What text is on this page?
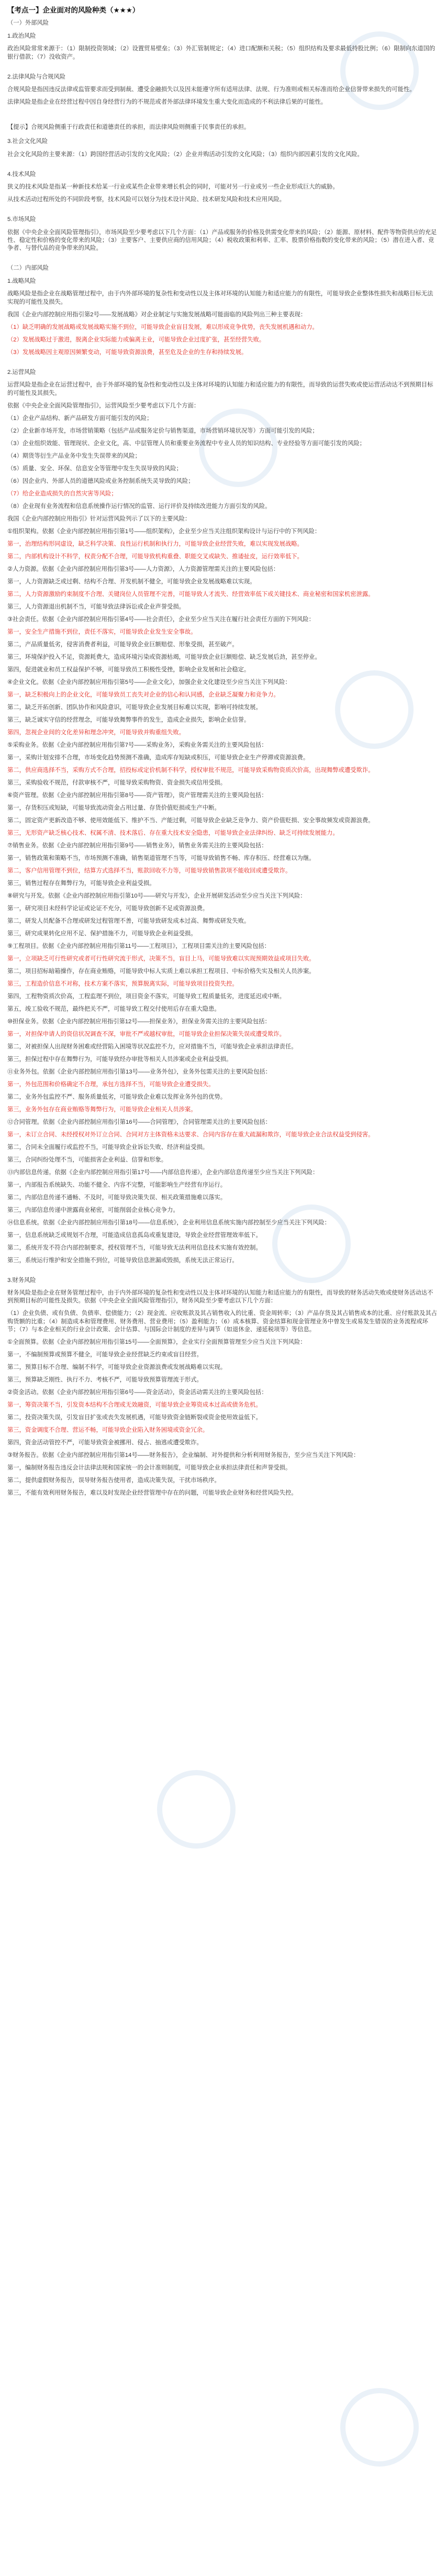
【考点一】企业面对的风险种类（★★★）
（一）外部风险
1.政治风险
政治风险常常来源于：（1）限制投资领域；（2）设置贸易壁垒；（3）外汇管制规定；（4）进口配额和关税；（5）组织结构及要求最低持股比例；（6）限制向东道国的银行借款；（7）没收资产。
2.法律风险与合规风险
合规风险是指因违反法律或监管要求而受到制裁、遭受金融损失以及因未能遵守所有适用法律、法规、行为准则或相关标准而给企业信誉带来损失的可能性。
法律风险是指企业在经营过程中因自身经营行为的不规范或者外部法律环境发生重大变化而造成的不利法律后果的可能性。
【提示】合规风险侧重于行政责任和道德责任的承担，而法律风险则侧重于民事责任的承担。
3.社会文化风险
社会文化风险的主要来源：（1）跨国经营活动引发的文化风险；（2）企业并购活动引发的文化风险；（3）组织内部因素引发的文化风险。
4.技术风险
狭义的技术风险是指某一种新技术给某一行业或某些企业带来增长机会的同时，可能对另一行业或另一些企业形成巨大的威胁。
从技术活动过程所处的不同阶段考察，技术风险可以划分为技术设计风险、技术研发风险和技术应用风险。
5.市场风险
依据《中央企业全面风险管理指引》，市场风险至少要考虑以下几个方面：（1）产品或服务的价格及供需变化带来的风险；（2）能源、原材料、配件等物资供应的充足性、稳定性和价格的变化带来的风险；（3）主要客户、主要供应商的信用风险；（4）税收政策和利率、汇率、股票价格指数的变化带来的风险；（5）潜在进入者、竞争者、与替代品的竞争带来的风险。
（二）内部风险
1.战略风险
战略风险是指企业在战略管理过程中，由于内外部环境的复杂性和变动性以及主体对环境的认知能力和适应能力的有限性，可能导致企业整体性损失和战略目标无法实现的可能性及损失。
我国《企业内部控制应用指引第2号——发展战略》对企业制定与实施发展战略可能面临的风险列出三种主要表现：
（1）缺乏明确的发展战略或发展战略实施不到位，可能导致企业盲目发展，难以形成竞争优势，丧失发展机遇和动力。
（2）发展战略过于激进，脱离企业实际能力或偏离主业，可能导致企业过度扩张，甚至经营失败。
（3）发展战略因主观原因频繁变动，可能导致资源浪费，甚至危及企业的生存和持续发展。
2.运营风险
运营风险是指企业在运营过程中，由于外部环境的复杂性和变动性以及主体对环境的认知能力和适应能力的有限性，而导致的运营失败或使运营活动达不到预期目标的可能性及其损失。
依据《中央企业全面风险管理指引》，运营风险至少要考虑以下几个方面：
（1）企业产品结构、新产品研发方面可能引发的风险；
（2）企业新市场开发，市场营销策略（包括产品或服务定价与销售渠道，市场营销环境状况等）方面可能引发的风险；
（3）企业组织效能、管理现状、企业文化，高、中层管理人员和重要业务流程中专业人员的知识结构、专业经验等方面可能引发的风险；
（4）期货等衍生产品业务中发生失误带来的风险；
（5）质量、安全、环保、信息安全等管理中发生失误导致的风险；
（6）因企业内、外部人员的道德风险或业务控制系统失灵导致的风险；
（7）给企业造成损失的自然灾害等风险；
（8）企业现有业务流程和信息系统操作运行情况的监管、运行评价及持续改进能力方面引发的风险。
我国《企业内部控制应用指引》针对运营风险列示了以下的主要风险：
①组织架构。依据《企业内部控制应用指引第1号——组织架构》，企业至少应当关注组织架构设计与运行中的下列风险：
第一，治理结构形同虚设，缺乏科学决策、良性运行机制和执行力，可能导致企业经营失败，难以实现发展战略。
第二，内部机构设计不科学，权责分配不合理，可能导致机构重叠、职能交叉或缺失、推诿扯皮，运行效率低下。
②人力资源。依据《企业内部控制应用指引第3号——人力资源》，人力资源管理需关注的主要风险包括：
第一，人力资源缺乏或过剩、结构不合理、开发机制不健全，可能导致企业发展战略难以实现。
第二，人力资源激励约束制度不合理、关键岗位人员管理不完善，可能导致人才流失、经营效率低下或关键技术、商业秘密和国家机密泄露。
第三，人力资源退出机制不当，可能导致法律诉讼或企业声誉受损。
③社会责任。依据《企业内部控制应用指引第4号——社会责任》，企业至少应当关注在履行社会责任方面的下列风险：
第一，安全生产措施不到位，责任不落实，可能导致企业发生安全事故。
第二，产品质量低劣，侵害消费者利益，可能导致企业巨额赔偿、形象受损，甚至破产。
第三，环境保护投入不足，资源耗费大，造成环境污染或资源枯竭，可能导致企业巨额赔偿、缺乏发展后劲，甚至停业。
第四，促进就业和员工权益保护不够，可能导致员工积极性受挫，影响企业发展和社会稳定。
④企业文化。依据《企业内部控制应用指引第5号——企业文化》，加强企业文化建设至少应当关注下列风险：
第一，缺乏积极向上的企业文化，可能导致员工丧失对企业的信心和认同感，企业缺乏凝聚力和竞争力。
第二，缺乏开拓创新、团队协作和风险意识，可能导致企业发展目标难以实现，影响可持续发展。
第三，缺乏诚实守信的经营理念，可能导致舞弊事件的发生，造成企业损失，影响企业信誉。
第四，忽视企业间的文化差异和理念冲突，可能导致并购重组失败。
⑤采购业务。依据《企业内部控制应用指引第7号——采购业务》，采购业务需关注的主要风险包括：
第一，采购计划安排不合理，市场变化趋势预测不准确，造成库存短缺或积压，可能导致企业生产停滞或资源浪费。
第二，供应商选择不当，采购方式不合理，招投标或定价机制不科学，授权审批不规范，可能导致采购物资质次价高，出现舞弊或遭受欺诈。
第三，采购验收不规范，付款审核不严，可能导致采购物资、资金损失或信用受损。
⑥资产管理。依据《企业内部控制应用指引第8号——资产管理》，资产管理需关注的主要风险包括：
第一，存货积压或短缺，可能导致流动资金占用过量、存货价值贬损或生产中断。
第二，固定资产更新改造不够、使用效能低下、维护不当、产能过剩，可能导致企业缺乏竞争力、资产价值贬损、安全事故频发或资源浪费。
第三，无形资产缺乏核心技术、权属不清、技术落后、存在重大技术安全隐患，可能导致企业法律纠纷、缺乏可持续发展能力。
⑦销售业务。依据《企业内部控制应用指引第9号——销售业务》，销售业务需关注的主要风险包括：
第一，销售政策和策略不当，市场预测不准确，销售渠道管理不当等，可能导致销售不畅、库存积压、经营难以为继。
第二，客户信用管理不到位，结算方式选择不当，账款回收不力等，可能导致销售款项不能收回或遭受欺诈。
第三，销售过程存在舞弊行为，可能导致企业利益受损。
⑧研究与开发。依据《企业内部控制应用指引第10号——研究与开发》，企业开展研发活动至少应当关注下列风险：
第一，研究项目未经科学论证或论证不充分，可能导致创新不足或资源浪费。
第二，研发人员配备不合理或研发过程管理不善，可能导致研发成本过高、舞弊或研发失败。
第三，研究成果转化应用不足、保护措施不力，可能导致企业利益受损。
⑨工程项目。依据《企业内部控制应用指引第11号——工程项目》，工程项目需关注的主要风险包括：
第一，立项缺乏可行性研究或者可行性研究流于形式，决策不当，盲目上马，可能导致难以实现预期效益或项目失败。
第二，项目招标暗箱操作，存在商业贿赂，可能导致中标人实质上难以承担工程项目、中标价格失实及相关人员涉案。
第三，工程造价信息不对称，技术方案不落实，预算脱离实际，可能导致项目投资失控。
第四，工程物资质次价高，工程监理不到位，项目资金不落实，可能导致工程质量低劣，进度延迟或中断。
第五，竣工验收不规范，最终把关不严，可能导致工程交付使用后存在重大隐患。
⑩担保业务。依据《企业内部控制应用指引第12号——担保业务》，担保业务需关注的主要风险包括：
第一，对担保申请人的资信状况调查不深，审批不严或越权审批，可能导致企业担保决策失误或遭受欺诈。
第二，对被担保人出现财务困难或经营陷入困境等状况监控不力，应对措施不当，可能导致企业承担法律责任。
第三，担保过程中存在舞弊行为，可能导致经办审批等相关人员涉案或企业利益受损。
⑪业务外包。依据《企业内部控制应用指引第13号——业务外包》，业务外包需关注的主要风险包括：
第一，外包范围和价格确定不合理，承包方选择不当，可能导致企业遭受损失。
第二，业务外包监控不严、服务质量低劣，可能导致企业难以发挥业务外包的优势。
第三，业务外包存在商业贿赂等舞弊行为，可能导致企业相关人员涉案。
⑫合同管理。依据《企业内部控制应用指引第16号——合同管理》，合同管理需关注的主要风险包括：
第一，未订立合同、未经授权对外订立合同、合同对方主体资格未达要求、合同内容存在重大疏漏和欺诈，可能导致企业合法权益受到侵害。
第二，合同未全面履行或监控不当，可能导致企业诉讼失败、经济利益受损。
第三，合同纠纷处理不当，可能损害企业利益、信誉和形象。
⑬内部信息传递。依据《企业内部控制应用指引第17号——内部信息传递》，企业内部信息传递至少应当关注下列风险：
第一，内部报告系统缺失、功能不健全、内容不完整，可能影响生产经营有序运行。
第二，内部信息传递不通畅、不及时，可能导致决策失误、相关政策措施难以落实。
第三，内部信息传递中泄露商业秘密，可能削弱企业核心竞争力。
⑭信息系统。依据《企业内部控制应用指引第18号——信息系统》，企业利用信息系统实施内部控制至少应当关注下列风险：
第一，信息系统缺乏或规划不合理，可能造成信息孤岛或重复建设，导致企业经营管理效率低下。
第二，系统开发不符合内部控制要求，授权管理不当，可能导致无法利用信息技术实施有效控制。
第三，系统运行维护和安全措施不到位，可能导致信息泄漏或毁损，系统无法正常运行。
3.财务风险
财务风险是指企业在财务管理过程中，由于内外部环境的复杂性和变动性以及主体对环境的认知能力和适应能力的有限性，而导致的财务活动失败或使财务活动达不到预期目标的可能性及损失。依据《中央企业全面风险管理指引》，财务风险至少要考虑以下几个方面：
（1）企业负债、或有负债、负债率、偿债能力；（2）现金流、应收账款及其占销售收入的比重、资金周转率；（3）产品存货及其占销售成本的比重、应付账款及其占购货额的比重；（4）制造成本和管理费用、财务费用、营业费用；（5）盈利能力；（6）成本核算、资金结算和现金管理业务中曾发生或易发生错误的业务流程或环节；（7）与本企业相关的行业会计政策、会计估算、与国际会计制度的差异与调节（如退休金、递延税项等）等信息。
①全面预算。依据《企业内部控制应用指引第15号——全面预算》，企业实行全面预算管理至少应当关注下列风险：
第一，不编制预算或预算不健全，可能导致企业经营缺乏约束或盲目经营。
第二，预算目标不合理、编制不科学，可能导致企业资源浪费或发展战略难以实现。
第三，预算缺乏刚性、执行不力、考核不严，可能导致预算管理流于形式。
②资金活动。依据《企业内部控制应用指引第6号——资金活动》，资金活动需关注的主要风险包括：
第一，筹资决策不当，引发资本结构不合理或无效融资，可能导致企业筹资成本过高或债务危机。
第二，投资决策失误，引发盲目扩张或丧失发展机遇，可能导致资金链断裂或资金使用效益低下。
第三，资金调度不合理、营运不畅，可能导致企业陷入财务困境或资金冗余。
第四，资金活动管控不严，可能导致资金被挪用、侵占、抽逃或遭受欺诈。
③财务报告。依据《企业内部控制应用指引第14号——财务报告》，企业编制、对外提供和分析利用财务报告，至少应当关注下列风险：
第一，编制财务报告违反会计法律法规和国家统一的会计准则制度，可能导致企业承担法律责任和声誉受损。
第二，提供虚假财务报告，误导财务报告使用者，造成决策失误，干扰市场秩序。
第三，不能有效利用财务报告，难以及时发现企业经营管理中存在的问题，可能导致企业财务和经营风险失控。
